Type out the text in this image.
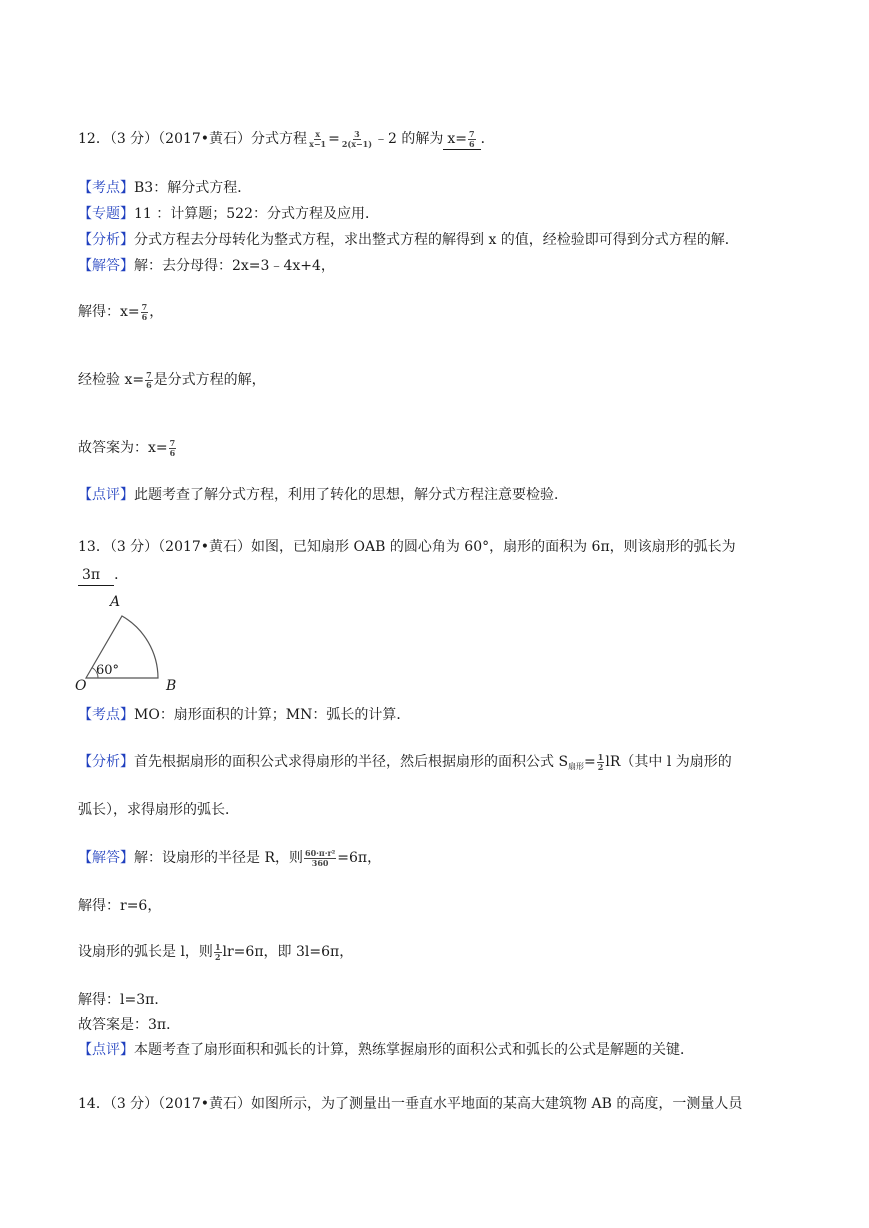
12．（3 分）（2017•黄石）分式方程 $\frac{x}{x-1} = \frac{3}{2(x-1)}$ ﹣2 的解为 $x= \frac{7}{6}$ ．
【考点】B3：解分式方程．
【专题】11 ：计算题；522：分式方程及应用．
【分析】分式方程去分母转化为整式方程，求出整式方程的解得到 x 的值，经检验即可得到分式方程的解．
【解答】解：去分母得：2x=3﹣4x+4，
解得：$x= \frac{7}{6}$ ，
经检验 $x= \frac{7}{6}$ 是分式方程的解，
故答案为：$x= \frac{7}{6}$
【点评】此题考查了解分式方程，利用了转化的思想，解分式方程注意要检验．
13．（3 分）（2017•黄石）如图，已知扇形 OAB 的圆心角为 60°，扇形的面积为 6π，则该扇形的弧长为
3π ．
A
O	B
60°
【考点】MO：扇形面积的计算；MN：弧长的计算．
【分析】首先根据扇形的面积公式求得扇形的半径，然后根据扇形的面积公式 $S_{扇形}= \frac{1}{2} lR$（其中 l 为扇形的
弧长），求得扇形的弧长．
【解答】解：设扇形的半径是 R，则 $\frac{\text{60·π·r²}}{360} =6\pi$，
解得：r=6，
设扇形的弧长是 l，则 $\frac{1}{2} lr=6\pi$，即 3l=6π，
解得：l=3π．
故答案是：3π．
【点评】本题考查了扇形面积和弧长的计算，熟练掌握扇形的面积公式和弧长的公式是解题的关键．
14．（3 分）（2017•黄石）如图所示，为了测量出一垂直水平地面的某高大建筑物 AB 的高度，一测量人员
